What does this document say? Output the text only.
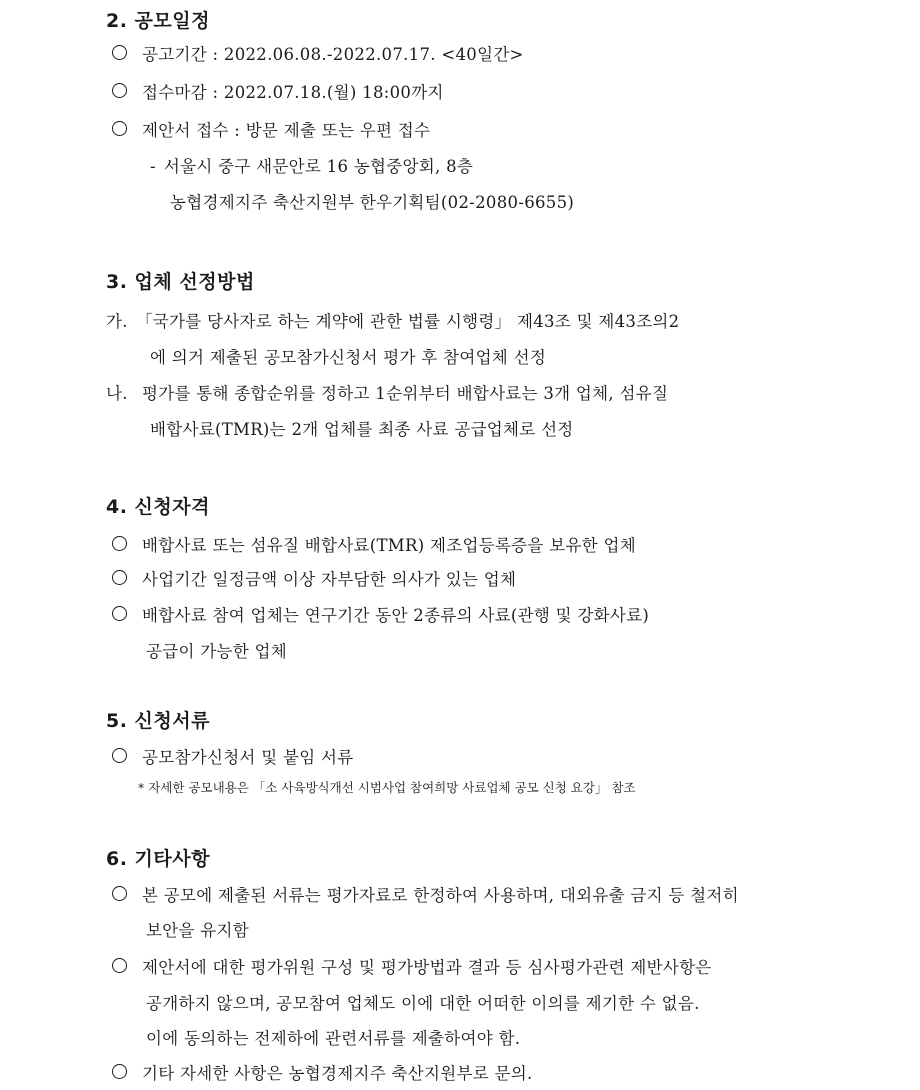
2. 공모일정
공고기간 : 2022.06.08.-2022.07.17. <40일간>
접수마감 : 2022.07.18.(월) 18:00까지
제안서 접수 : 방문 제출 또는 우편 접수
- 서울시 중구 새문안로 16 농협중앙회, 8층
농협경제지주 축산지원부 한우기획팀(02-2080-6655)
3. 업체 선정방법
가. 「국가를 당사자로 하는 계약에 관한 법률 시행령」 제43조 및 제43조의2
에 의거 제출된 공모참가신청서 평가 후 참여업체 선정
나. 평가를 통해 종합순위를 정하고 1순위부터 배합사료는 3개 업체, 섬유질
배합사료(TMR)는 2개 업체를 최종 사료 공급업체로 선정
4. 신청자격
배합사료 또는 섬유질 배합사료(TMR) 제조업등록증을 보유한 업체
사업기간 일정금액 이상 자부담한 의사가 있는 업체
배합사료 참여 업체는 연구기간 동안 2종류의 사료(관행 및 강화사료)
공급이 가능한 업체
5. 신청서류
공모참가신청서 및 붙임 서류
* 자세한 공모내용은 「소 사육방식개선 시범사업 참여희망 사료업체 공모 신청 요강」 참조
6. 기타사항
본 공모에 제출된 서류는 평가자료로 한정하여 사용하며, 대외유출 금지 등 철저히
보안을 유지함
제안서에 대한 평가위원 구성 및 평가방법과 결과 등 심사평가관련 제반사항은
공개하지 않으며, 공모참여 업체도 이에 대한 어떠한 이의를 제기한 수 없음.
이에 동의하는 전제하에 관련서류를 제출하여야 함.
기타 자세한 사항은 농협경제지주 축산지원부로 문의.
